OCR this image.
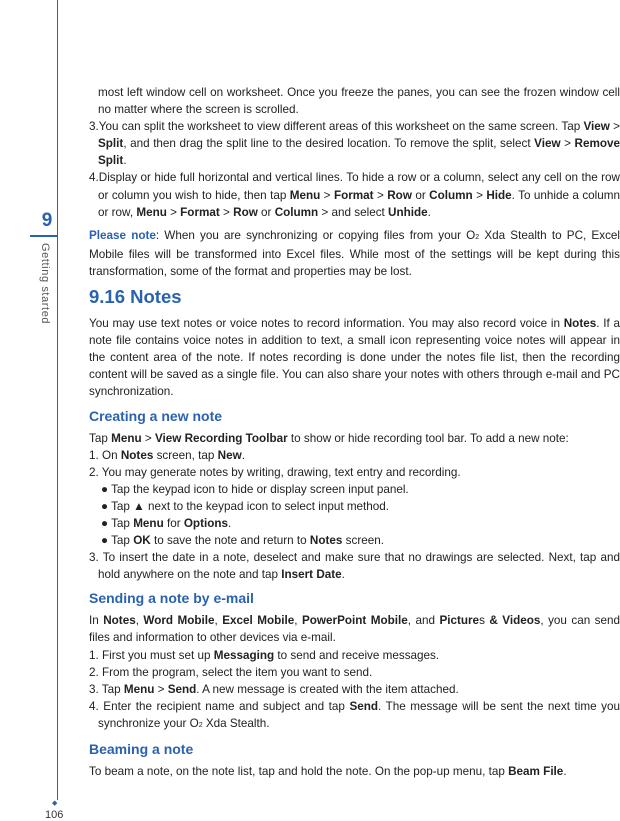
9
Getting started
◆
106

most left window cell on worksheet. Once you freeze the panes, you can see the frozen window cell no matter where the screen is scrolled.

3.You can split the worksheet to view different areas of this worksheet on the same screen. Tap View > Split, and then drag the split line to the desired location. To remove the split, select View > Remove Split.

4.Display or hide full horizontal and vertical lines. To hide a row or a column, select any cell on the row or column you wish to hide, then tap Menu > Format > Row or Column > Hide. To unhide a column or row, Menu > Format > Row or Column > and select Unhide.

Please note: When you are synchronizing or copying files from your O2 Xda Stealth to PC, Excel Mobile files will be transformed into Excel files. While most of the settings will be kept during this transformation, some of the format and properties may be lost.

9.16 Notes

You may use text notes or voice notes to record information. You may also record voice in Notes. If a note file contains voice notes in addition to text, a small icon representing voice notes will appear in the content area of the note. If notes recording is done under the notes file list, then the recording content will be saved as a single file. You can also share your notes with others through e-mail and PC synchronization.

Creating a new note

Tap Menu > View Recording Toolbar to show or hide recording tool bar. To add a new note:

1. On Notes screen, tap New.

2. You may generate notes by writing, drawing, text entry and recording.

● Tap the keypad icon to hide or display screen input panel.

● Tap ▲ next to the keypad icon to select input method.

● Tap Menu for Options.

● Tap OK to save the note and return to Notes screen.

3. To insert the date in a note, deselect and make sure that no drawings are selected. Next, tap and hold anywhere on the note and tap Insert Date.

Sending a note by e-mail

In Notes, Word Mobile, Excel Mobile, PowerPoint Mobile, and Pictures & Videos, you can send files and information to other devices via e-mail.

1. First you must set up Messaging to send and receive messages.

2. From the program, select the item you want to send.

3. Tap Menu > Send. A new message is created with the item attached.

4. Enter the recipient name and subject and tap Send. The message will be sent the next time you synchronize your O2 Xda Stealth.

Beaming a note

To beam a note, on the note list, tap and hold the note. On the pop-up menu, tap Beam File.
